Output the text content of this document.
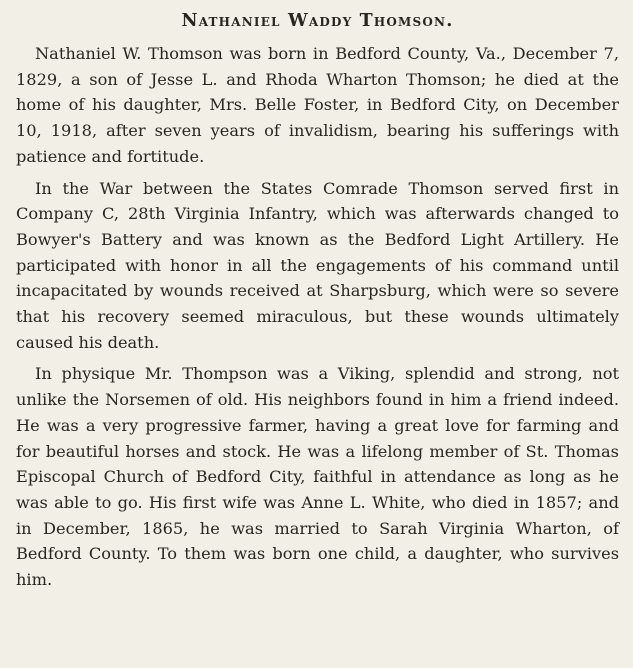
Nathaniel Waddy Thomson.

Nathaniel W. Thomson was born in Bedford County, Va., December 7, 1829, a son of Jesse L. and Rhoda Wharton Thomson; he died at the home of his daughter, Mrs. Belle Foster, in Bedford City, on December 10, 1918, after seven years of invalidism, bearing his sufferings with patience and fortitude.

In the War between the States Comrade Thomson served first in Company C, 28th Virginia Infantry, which was afterwards changed to Bowyer's Battery and was known as the Bedford Light Artillery. He participated with honor in all the engagements of his command until incapacitated by wounds received at Sharpsburg, which were so severe that his recovery seemed miraculous, but these wounds ultimately caused his death.

In physique Mr. Thompson was a Viking, splendid and strong, not unlike the Norsemen of old. His neighbors found in him a friend indeed. He was a very progressive farmer, having a great love for farming and for beautiful horses and stock. He was a lifelong member of St. Thomas Episcopal Church of Bedford City, faithful in attendance as long as he was able to go. His first wife was Anne L. White, who died in 1857; and in December, 1865, he was married to Sarah Virginia Wharton, of Bedford County. To them was born one child, a daughter, who survives him.
